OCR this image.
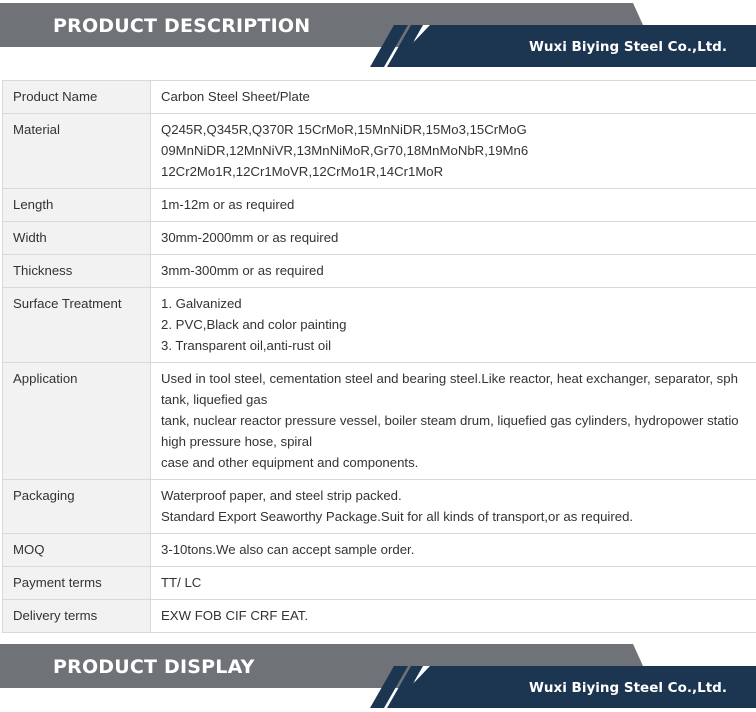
PRODUCT DESCRIPTION
Wuxi Biying Steel Co.,Ltd.
Product Name	Carbon Steel Sheet/Plate

Material	Q245R,Q345R,Q370R 15CrMoR,15MnNiDR,15Mo3,15CrMoG
09MnNiDR,12MnNiVR,13MnNiMoR,Gr70,18MnMoNbR,19Mn6
12Cr2Mo1R,12Cr1MoVR,12CrMo1R,14Cr1MoR

Length	1m-12m or as required

Width	30mm-2000mm or as required

Thickness	3mm-300mm or as required

Surface Treatment	1. Galvanized
2. PVC,Black and color painting
3. Transparent oil,anti-rust oil

Application	Used in tool steel, cementation steel and bearing steel.Like reactor, heat exchanger, separator, sph
tank, liquefied gas
tank, nuclear reactor pressure vessel, boiler steam drum, liquefied gas cylinders, hydropower statio
high pressure hose, spiral
case and other equipment and components.

Packaging	Waterproof paper, and steel strip packed.
Standard Export Seaworthy Package.Suit for all kinds of transport,or as required.

MOQ	3-10tons.We also can accept sample order.

Payment terms	TT/ LC

Delivery terms	EXW FOB CIF CRF EAT.
PRODUCT DISPLAY
Wuxi Biying Steel Co.,Ltd.
